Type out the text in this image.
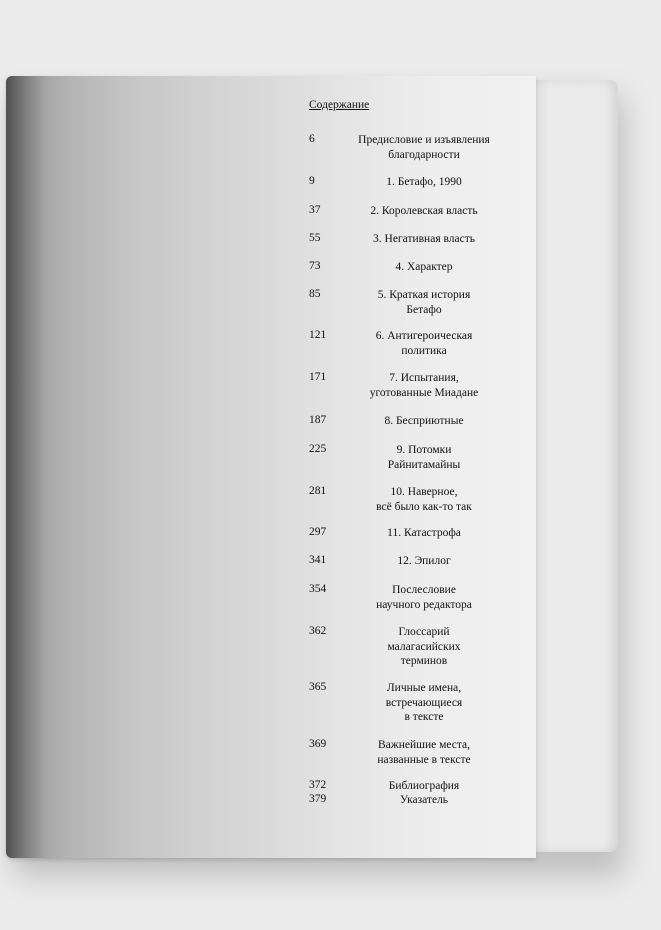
Содержание
6	Предисловие и изъявления
благодарности
9	1. Бетафо, 1990
37	2. Королевская власть
55	3. Негативная власть
73	4. Характер
85	5. Краткая история
Бетафо
121	6. Антигероическая
политика
171	7. Испытания,
уготованные Миадане
187	8. Бесприютные
225	9. Потомки
Райнитамайны
281	10. Наверное,
всё было как-то так
297	11. Катастрофа
341	12. Эпилог
354	Послесловие
научного редактора
362	Глоссарий
малагасийских
терминов
365	Личные имена,
встречающиеся
в тексте
369	Важнейшие места,
названные в тексте
372	Библиография
379	Указатель
